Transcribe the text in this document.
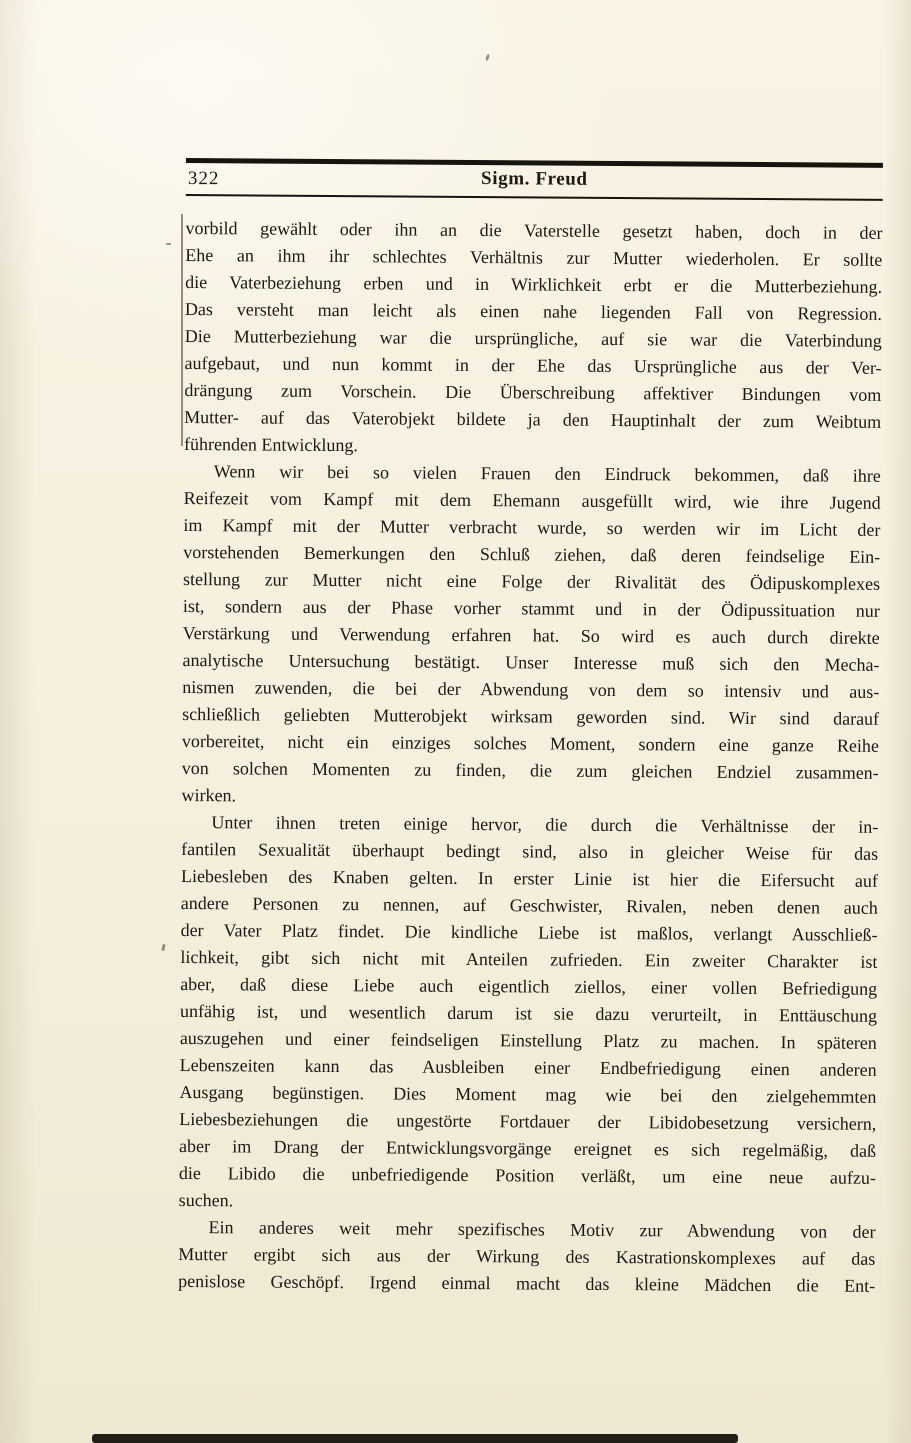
322	Sigm. Freud
vorbild gewählt oder ihn an die Vaterstelle gesetzt haben, doch in der
Ehe an ihm ihr schlechtes Verhältnis zur Mutter wiederholen. Er sollte
die Vaterbeziehung erben und in Wirklichkeit erbt er die Mutterbeziehung.
Das versteht man leicht als einen nahe liegenden Fall von Regression.
Die Mutterbeziehung war die ursprüngliche, auf sie war die Vaterbindung
aufgebaut, und nun kommt in der Ehe das Ursprüngliche aus der Ver-
drängung zum Vorschein. Die Überschreibung affektiver Bindungen vom
Mutter- auf das Vaterobjekt bildete ja den Hauptinhalt der zum Weibtum
führenden Entwicklung.
Wenn wir bei so vielen Frauen den Eindruck bekommen, daß ihre
Reifezeit vom Kampf mit dem Ehemann ausgefüllt wird, wie ihre Jugend
im Kampf mit der Mutter verbracht wurde, so werden wir im Licht der
vorstehenden Bemerkungen den Schluß ziehen, daß deren feindselige Ein-
stellung zur Mutter nicht eine Folge der Rivalität des Ödipuskomplexes
ist, sondern aus der Phase vorher stammt und in der Ödipussituation nur
Verstärkung und Verwendung erfahren hat. So wird es auch durch direkte
analytische Untersuchung bestätigt. Unser Interesse muß sich den Mecha-
nismen zuwenden, die bei der Abwendung von dem so intensiv und aus-
schließlich geliebten Mutterobjekt wirksam geworden sind. Wir sind darauf
vorbereitet, nicht ein einziges solches Moment, sondern eine ganze Reihe
von solchen Momenten zu finden, die zum gleichen Endziel zusammen-
wirken.
Unter ihnen treten einige hervor, die durch die Verhältnisse der in-
fantilen Sexualität überhaupt bedingt sind, also in gleicher Weise für das
Liebesleben des Knaben gelten. In erster Linie ist hier die Eifersucht auf
andere Personen zu nennen, auf Geschwister, Rivalen, neben denen auch
der Vater Platz findet. Die kindliche Liebe ist maßlos, verlangt Ausschließ-
lichkeit, gibt sich nicht mit Anteilen zufrieden. Ein zweiter Charakter ist
aber, daß diese Liebe auch eigentlich ziellos, einer vollen Befriedigung
unfähig ist, und wesentlich darum ist sie dazu verurteilt, in Enttäuschung
auszugehen und einer feindseligen Einstellung Platz zu machen. In späteren
Lebenszeiten kann das Ausbleiben einer Endbefriedigung einen anderen
Ausgang begünstigen. Dies Moment mag wie bei den zielgehemmten
Liebesbeziehungen die ungestörte Fortdauer der Libidobesetzung versichern,
aber im Drang der Entwicklungsvorgänge ereignet es sich regelmäßig, daß
die Libido die unbefriedigende Position verläßt, um eine neue aufzu-
suchen.
Ein anderes weit mehr spezifisches Motiv zur Abwendung von der
Mutter ergibt sich aus der Wirkung des Kastrationskomplexes auf das
penislose Geschöpf. Irgend einmal macht das kleine Mädchen die Ent-
